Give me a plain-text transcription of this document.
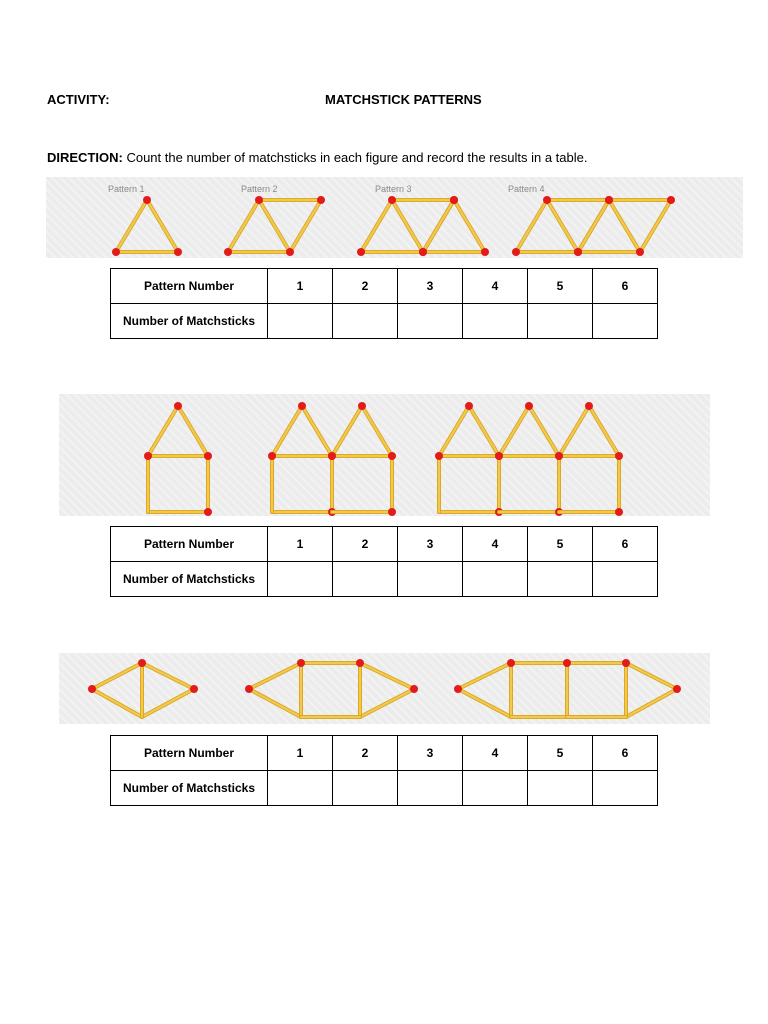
ACTIVITY:	MATCHSTICK PATTERNS
DIRECTION: Count the number of matchsticks in each figure and record the results in a table.
Pattern 1	Pattern 2	Pattern 3	Pattern 4
Pattern Number	1	2	3	4	5	6
Number of Matchsticks						
Pattern Number	1	2	3	4	5	6
Number of Matchsticks						
Pattern Number	1	2	3	4	5	6
Number of Matchsticks						
